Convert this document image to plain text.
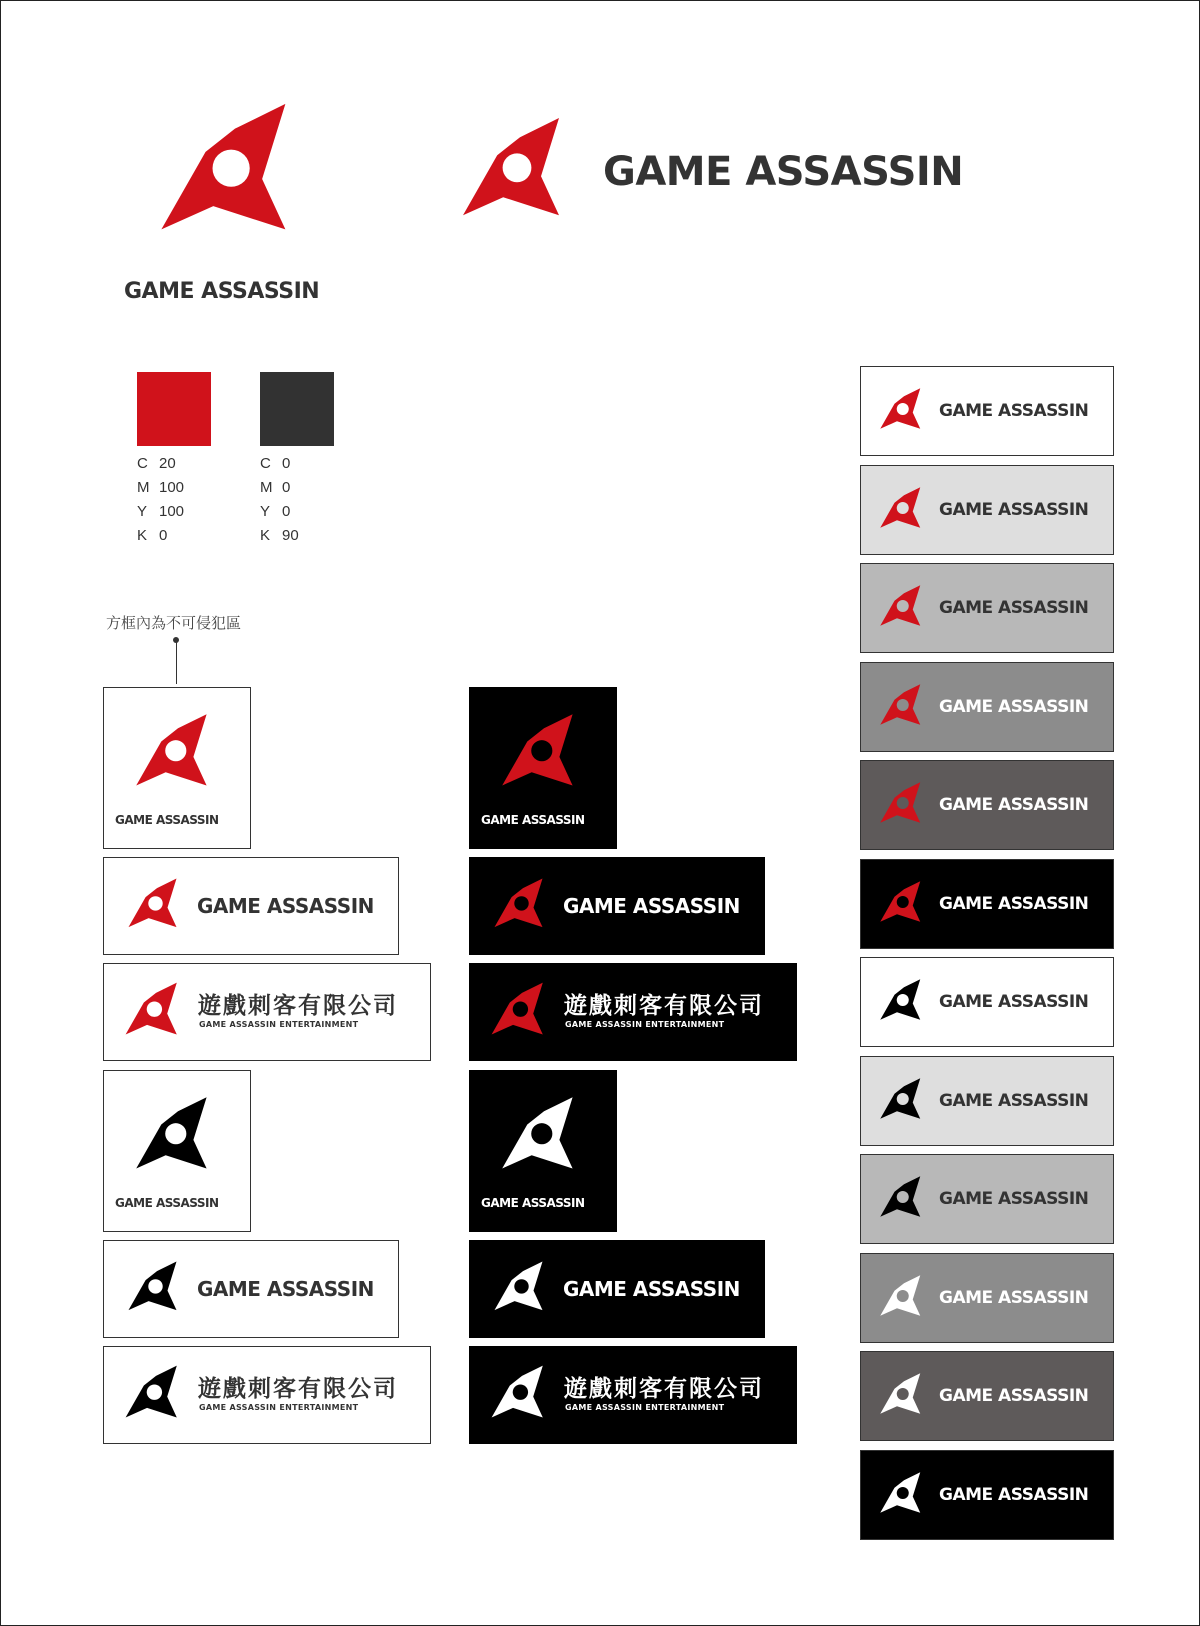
GAME ASSASSIN
GAME ASSASSIN
C 20
M 100
Y 100
K 0
C 0
M 0
Y 0
K 90
方框內為不可侵犯區
GAME ASSASSIN
GAME ASSASSIN
遊戲刺客有限公司
GAME ASSASSIN ENTERTAINMENT
GAME ASSASSIN
GAME ASSASSIN
遊戲刺客有限公司
GAME ASSASSIN ENTERTAINMENT
GAME ASSASSIN
GAME ASSASSIN
遊戲刺客有限公司
GAME ASSASSIN ENTERTAINMENT
GAME ASSASSIN
GAME ASSASSIN
遊戲刺客有限公司
GAME ASSASSIN ENTERTAINMENT
GAME ASSASSIN
GAME ASSASSIN
GAME ASSASSIN
GAME ASSASSIN
GAME ASSASSIN
GAME ASSASSIN
GAME ASSASSIN
GAME ASSASSIN
GAME ASSASSIN
GAME ASSASSIN
GAME ASSASSIN
GAME ASSASSIN
